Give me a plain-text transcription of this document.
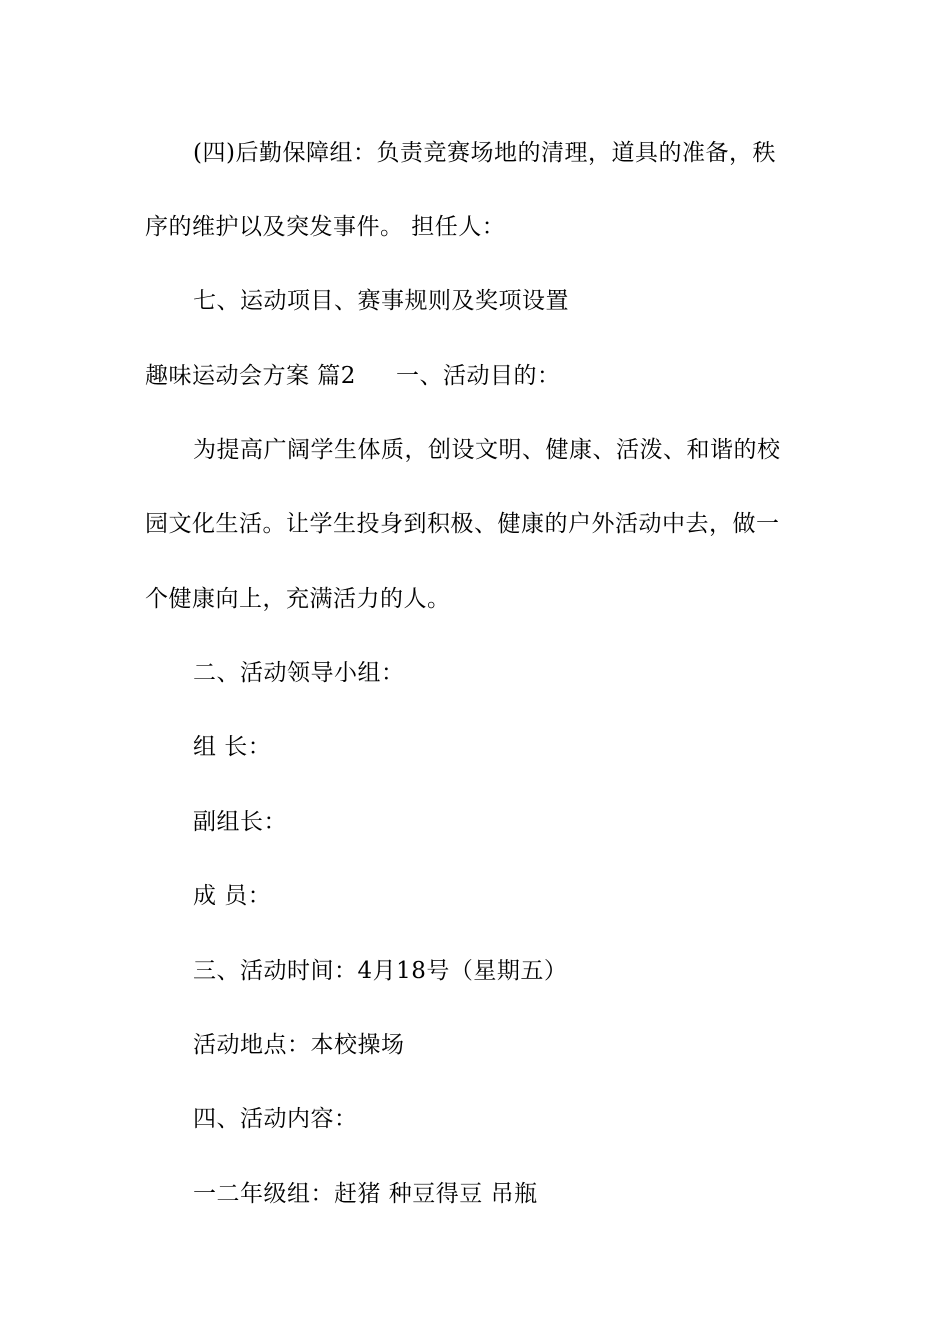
(四)后勤保障组：负责竞赛场地的清理，道具的准备，秩
序的维护以及突发事件。 担任人：
七、运动项目、赛事规则及奖项设置
趣味运动会方案 篇2 一、活动目的：
为提高广阔学生体质，创设文明、健康、活泼、和谐的校
园文化生活。让学生投身到积极、健康的户外活动中去，做一
个健康向上，充满活力的人。
二、活动领导小组：
组 长：
副组长：
成 员：
三、活动时间：4月18号（星期五）
活动地点：本校操场
四、活动内容：
一二年级组：赶猪 种豆得豆 吊瓶
